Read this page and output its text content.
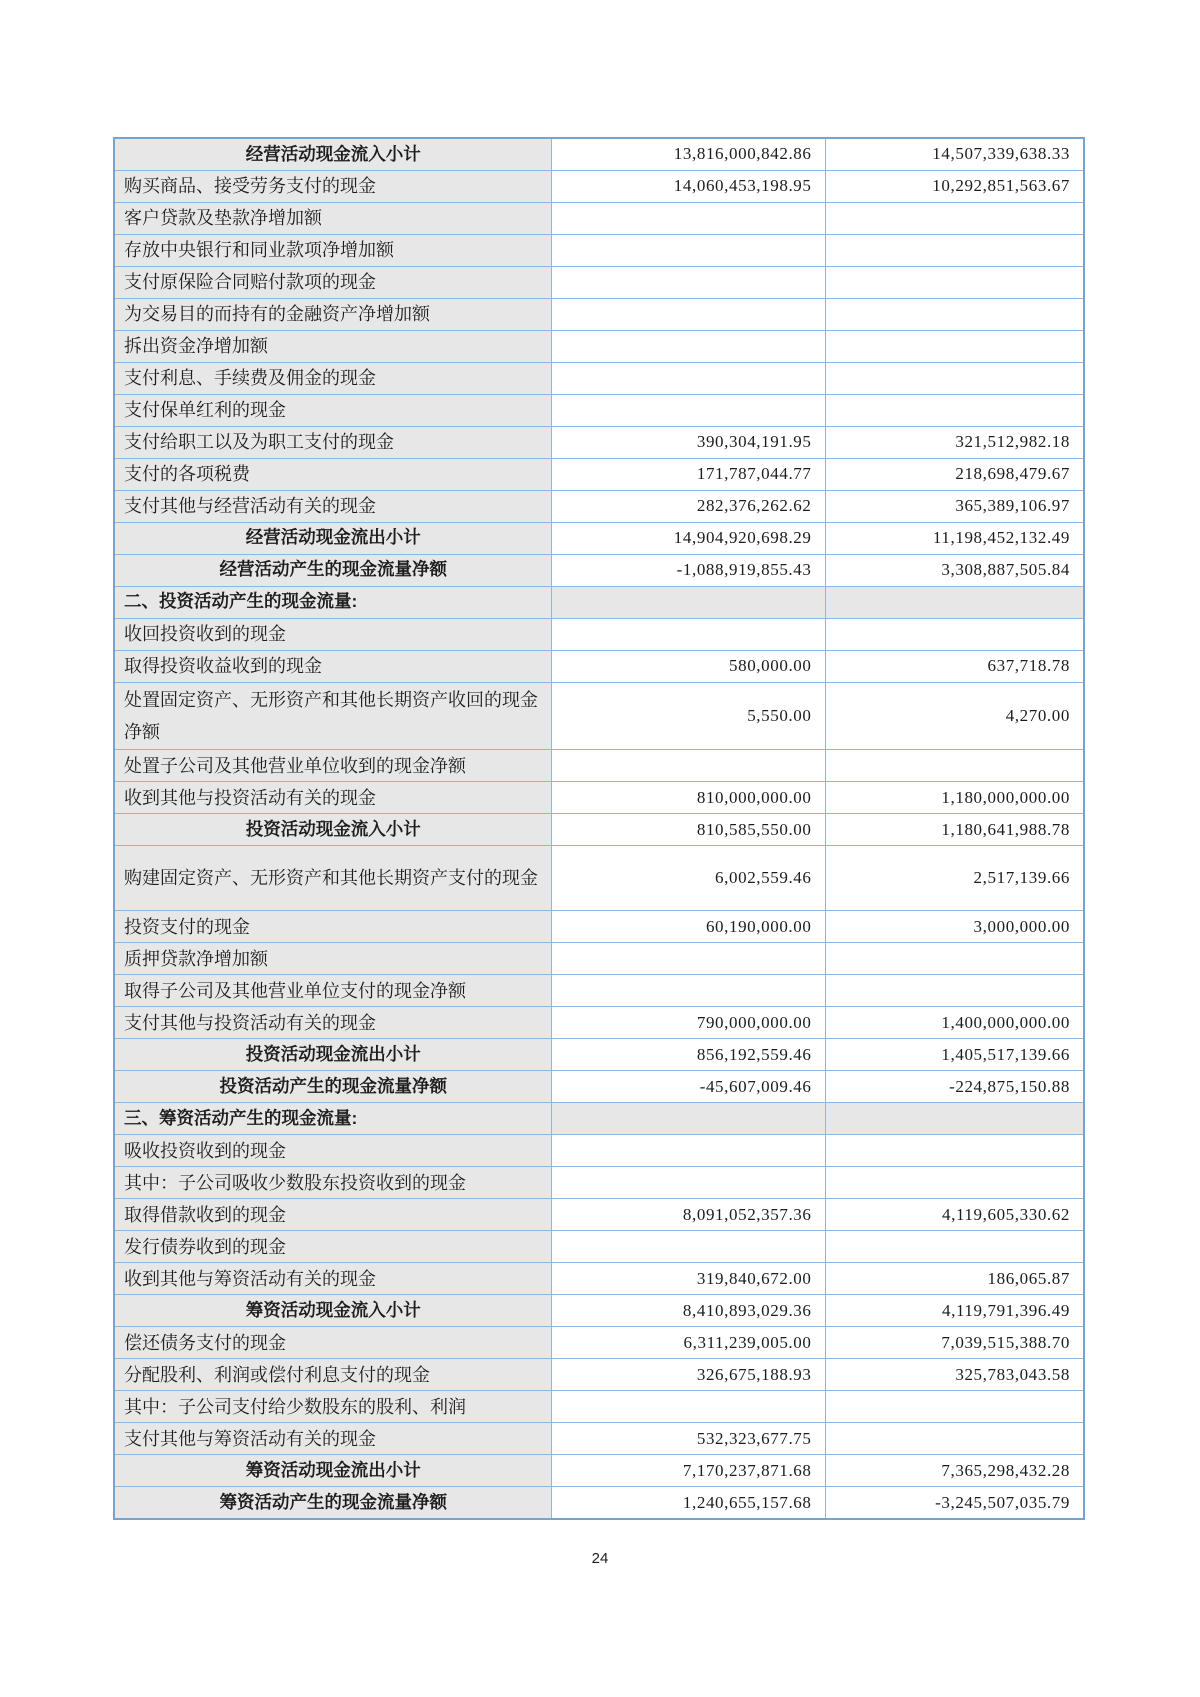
经营活动现金流入小计	13,816,000,842.86	14,507,339,638.33
购买商品、接受劳务支付的现金	14,060,453,198.95	10,292,851,563.67
客户贷款及垫款净增加额		
存放中央银行和同业款项净增加额		
支付原保险合同赔付款项的现金		
为交易目的而持有的金融资产净增加额		
拆出资金净增加额		
支付利息、手续费及佣金的现金		
支付保单红利的现金		
支付给职工以及为职工支付的现金	390,304,191.95	321,512,982.18
支付的各项税费	171,787,044.77	218,698,479.67
支付其他与经营活动有关的现金	282,376,262.62	365,389,106.97
经营活动现金流出小计	14,904,920,698.29	11,198,452,132.49
经营活动产生的现金流量净额	-1,088,919,855.43	3,308,887,505.84
二、投资活动产生的现金流量:		
收回投资收到的现金		
取得投资收益收到的现金	580,000.00	637,718.78
处置固定资产、无形资产和其他长期资产收回的现金净额	5,550.00	4,270.00
处置子公司及其他营业单位收到的现金净额		
收到其他与投资活动有关的现金	810,000,000.00	1,180,000,000.00
投资活动现金流入小计	810,585,550.00	1,180,641,988.78
购建固定资产、无形资产和其他长期资产支付的现金	6,002,559.46	2,517,139.66
投资支付的现金	60,190,000.00	3,000,000.00
质押贷款净增加额		
取得子公司及其他营业单位支付的现金净额		
支付其他与投资活动有关的现金	790,000,000.00	1,400,000,000.00
投资活动现金流出小计	856,192,559.46	1,405,517,139.66
投资活动产生的现金流量净额	-45,607,009.46	-224,875,150.88
三、筹资活动产生的现金流量:		
吸收投资收到的现金		
其中：子公司吸收少数股东投资收到的现金		
取得借款收到的现金	8,091,052,357.36	4,119,605,330.62
发行债券收到的现金		
收到其他与筹资活动有关的现金	319,840,672.00	186,065.87
筹资活动现金流入小计	8,410,893,029.36	4,119,791,396.49
偿还债务支付的现金	6,311,239,005.00	7,039,515,388.70
分配股利、利润或偿付利息支付的现金	326,675,188.93	325,783,043.58
其中：子公司支付给少数股东的股利、利润		
支付其他与筹资活动有关的现金	532,323,677.75	
筹资活动现金流出小计	7,170,237,871.68	7,365,298,432.28
筹资活动产生的现金流量净额	1,240,655,157.68	-3,245,507,035.79
24
